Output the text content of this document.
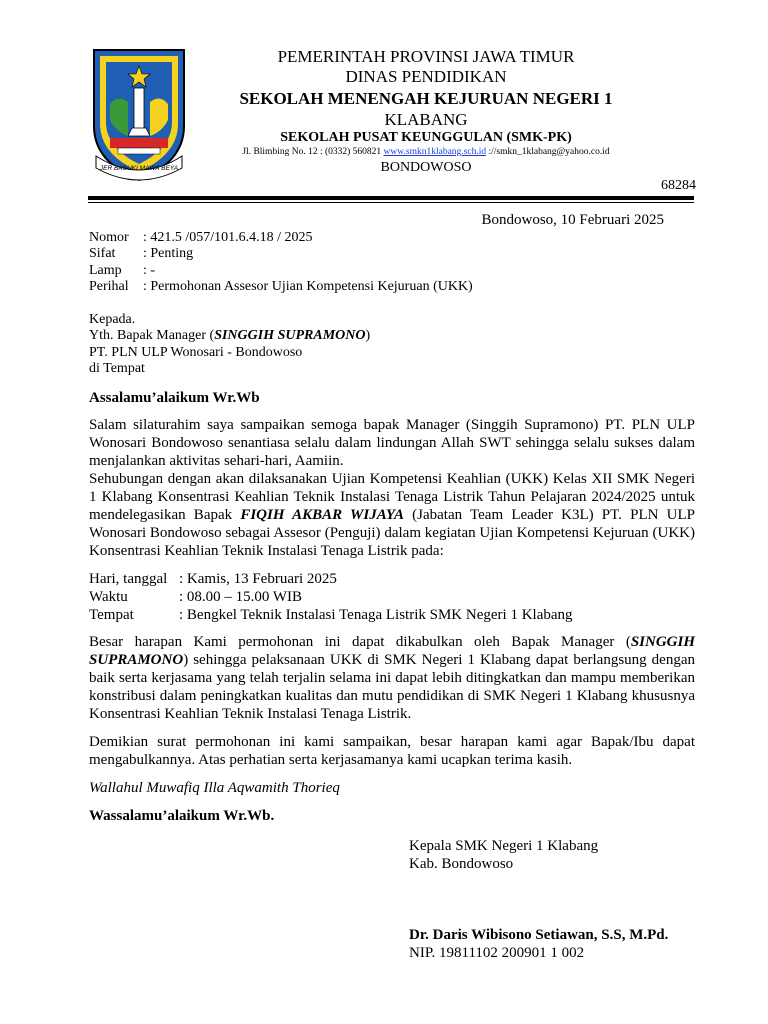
JER BASUKI MAWA BEYA
PEMERINTAH PROVINSI JAWA TIMUR
DINAS PENDIDIKAN
SEKOLAH MENENGAH KEJURUAN NEGERI 1
KLABANG
SEKOLAH PUSAT KEUNGGULAN (SMK-PK)
Jl. Blimbing No. 12 : (0332) 560821 www.smkn1klabang.sch.id ://smkn_1klabang@yahoo.co.id
BONDOWOSO
68284
Bondowoso, 10 Februari 2025
Nomor : 421.5 /057/101.6.4.18 / 2025
Sifat : Penting
Lamp : -
Perihal : Permohonan Assesor Ujian Kompetensi Kejuruan (UKK)
Kepada.
Yth. Bapak Manager (SINGGIH SUPRAMONO)
PT. PLN ULP Wonosari - Bondowoso
di Tempat
Assalamu’alaikum Wr.Wb
Salam silaturahim saya sampaikan semoga bapak Manager (Singgih Supramono) PT. PLN ULP Wonosari Bondowoso senantiasa selalu dalam lindungan Allah SWT sehingga selalu sukses dalam menjalankan aktivitas sehari-hari, Aamiin.
Sehubungan dengan akan dilaksanakan Ujian Kompetensi Keahlian (UKK) Kelas XII SMK Negeri 1 Klabang Konsentrasi Keahlian Teknik Instalasi Tenaga Listrik Tahun Pelajaran 2024/2025 untuk mendelegasikan Bapak FIQIH AKBAR WIJAYA (Jabatan Team Leader K3L) PT. PLN ULP Wonosari Bondowoso sebagai Assesor (Penguji) dalam kegiatan Ujian Kompetensi Kejuruan (UKK) Konsentrasi Keahlian Teknik Instalasi Tenaga Listrik pada:
Hari, tanggal : Kamis, 13 Februari 2025
Waktu	: 08.00 – 15.00 WIB
Tempat	: Bengkel Teknik Instalasi Tenaga Listrik SMK Negeri 1 Klabang
Besar harapan Kami permohonan ini dapat dikabulkan oleh Bapak Manager (SINGGIH SUPRAMONO) sehingga pelaksanaan UKK di SMK Negeri 1 Klabang dapat berlangsung dengan baik serta kerjasama yang telah terjalin selama ini dapat lebih ditingkatkan dan mampu memberikan konstribusi dalam peningkatkan kualitas dan mutu pendidikan di SMK Negeri 1 Klabang khususnya Konsentrasi Keahlian Teknik Instalasi Tenaga Listrik.
Demikian surat permohonan ini kami sampaikan, besar harapan kami agar Bapak/Ibu dapat mengabulkannya. Atas perhatian serta kerjasamanya kami ucapkan terima kasih.
Wallahul Muwafiq Illa Aqwamith Thorieq
Wassalamu’alaikum Wr.Wb.
Kepala SMK Negeri 1 Klabang
Kab. Bondowoso
Dr. Daris Wibisono Setiawan, S.S, M.Pd.
NIP. 19811102 200901 1 002
